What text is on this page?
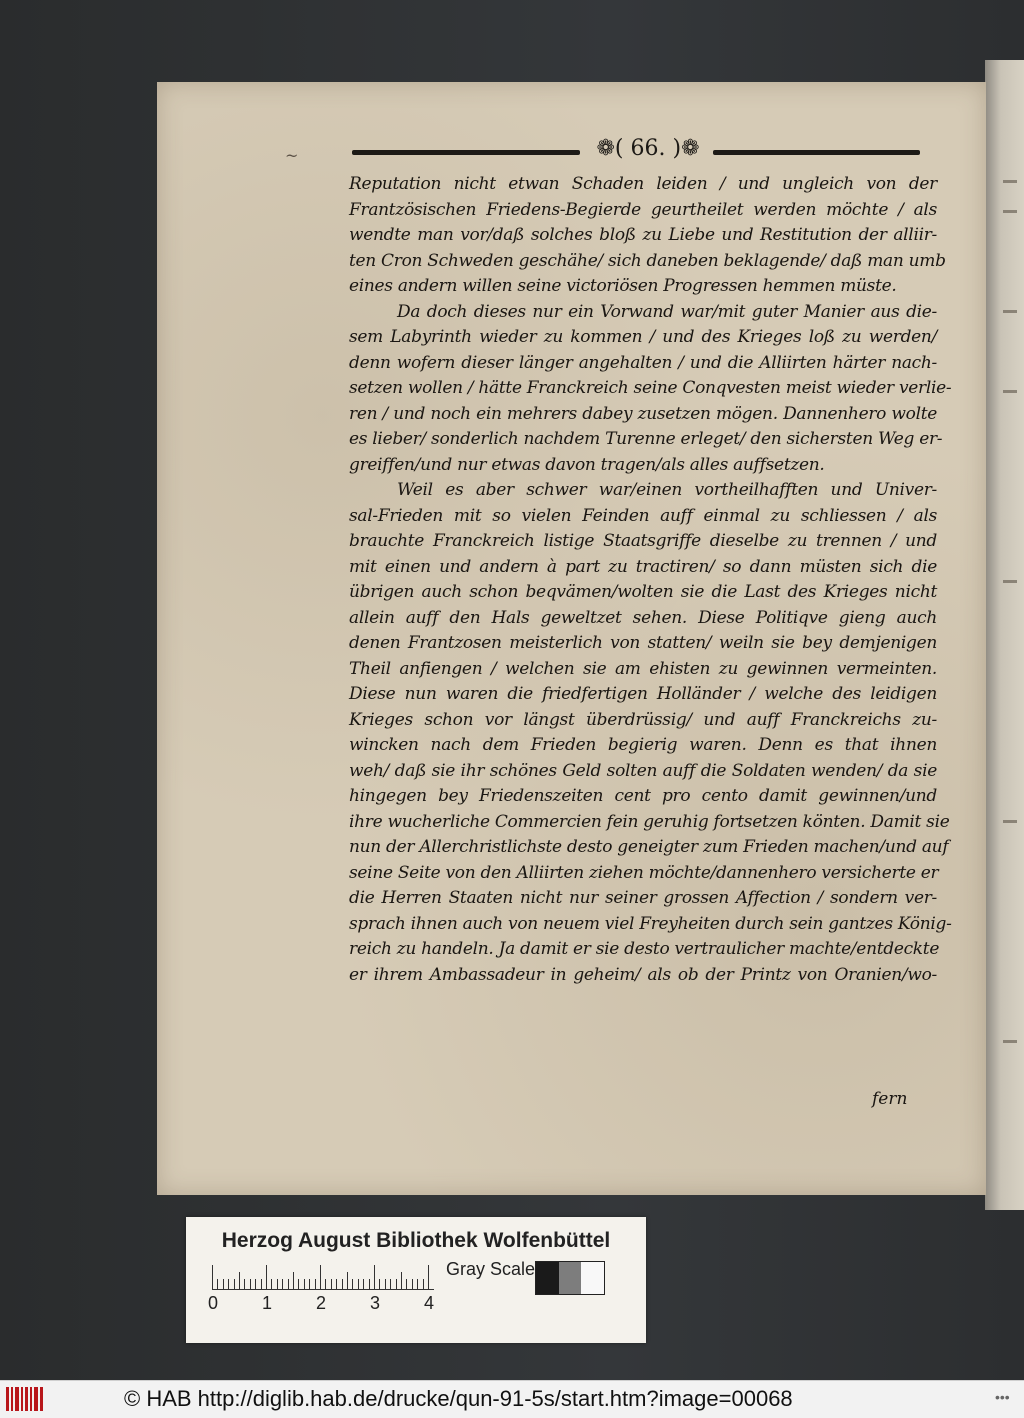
~	❁( 66. )❁
Reputation nicht etwan Schaden leiden / und ungleich von der
Frantzösischen Friedens-Begierde geurtheilet werden möchte / als
wendte man vor/daß solches bloß zu Liebe und Restitution der alliir-
ten Cron Schweden geschähe/ sich daneben beklagende/ daß man umb
eines andern willen seine victoriösen Progressen hemmen müste.
Da doch dieses nur ein Vorwand war/mit guter Manier aus die-
sem Labyrinth wieder zu kommen / und des Krieges loß zu werden/
denn wofern dieser länger angehalten / und die Alliirten härter nach-
setzen wollen / hätte Franckreich seine Conqvesten meist wieder verlie-
ren / und noch ein mehrers dabey zusetzen mögen. Dannenhero wolte
es lieber/ sonderlich nachdem Turenne erleget/ den sichersten Weg er-
greiffen/und nur etwas davon tragen/als alles auffsetzen.
Weil es aber schwer war/einen vortheilhafften und Univer-
sal-Frieden mit so vielen Feinden auff einmal zu schliessen / als
brauchte Franckreich listige Staatsgriffe dieselbe zu trennen / und
mit einen und andern à part zu tractiren/ so dann müsten sich die
übrigen auch schon beqvämen/wolten sie die Last des Krieges nicht
allein auff den Hals geweltzet sehen. Diese Politiqve gieng auch
denen Frantzosen meisterlich von statten/ weiln sie bey demjenigen
Theil anfiengen / welchen sie am ehisten zu gewinnen vermeinten.
Diese nun waren die friedfertigen Holländer / welche des leidigen
Krieges schon vor längst überdrüssig/ und auff Franckreichs zu-
wincken nach dem Frieden begierig waren. Denn es that ihnen
weh/ daß sie ihr schönes Geld solten auff die Soldaten wenden/ da sie
hingegen bey Friedenszeiten cent pro cento damit gewinnen/und
ihre wucherliche Commercien fein geruhig fortsetzen könten. Damit sie
nun der Allerchristlichste desto geneigter zum Frieden machen/und auf
seine Seite von den Alliirten ziehen möchte/dannenhero versicherte er
die Herren Staaten nicht nur seiner grossen Affection / sondern ver-
sprach ihnen auch von neuem viel Freyheiten durch sein gantzes König-
reich zu handeln. Ja damit er sie desto vertraulicher machte/entdeckte
er ihrem Ambassadeur in geheim/ als ob der Printz von Oranien/wo-
fern
Herzog August Bibliothek Wolfenbüttel
Gray Scale
0 1 2 3 4
© HAB http://diglib.hab.de/drucke/qun-91-5s/start.htm?image=00068	•••
